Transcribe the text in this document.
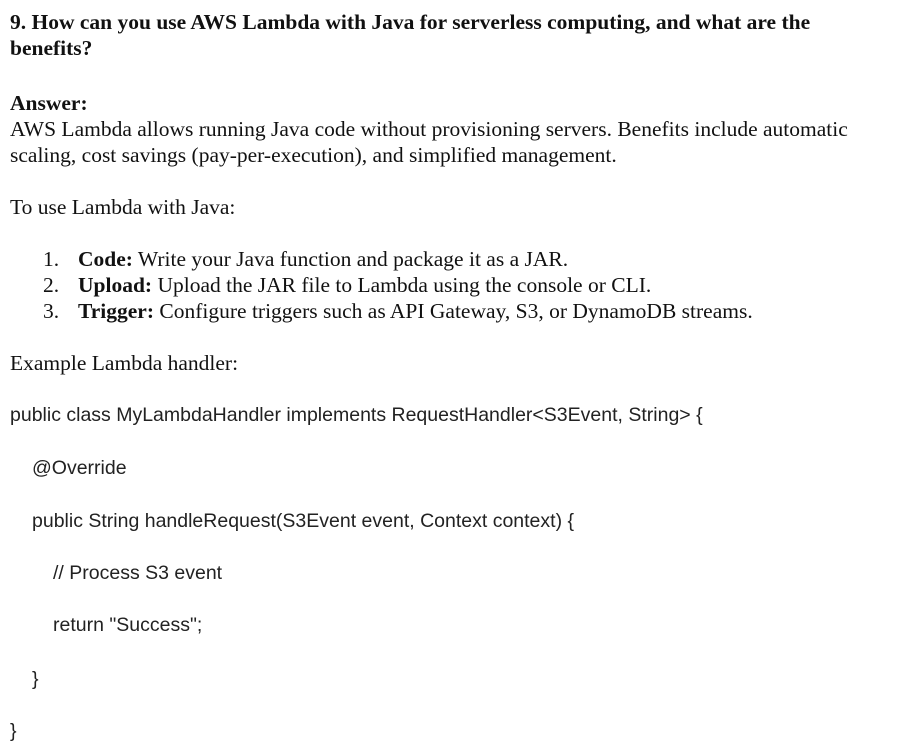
9. How can you use AWS Lambda with Java for serverless computing, and what are the benefits?

Answer:

AWS Lambda allows running Java code without provisioning servers. Benefits include automatic scaling, cost savings (pay-per-execution), and simplified management.

To use Lambda with Java:

1. Code: Write your Java function and package it as a JAR.
2. Upload: Upload the JAR file to Lambda using the console or CLI.
3. Trigger: Configure triggers such as API Gateway, S3, or DynamoDB streams.

Example Lambda handler:

public class MyLambdaHandler implements RequestHandler<S3Event, String> {

@Override

public String handleRequest(S3Event event, Context context) {

// Process S3 event

return "Success";

}

}
